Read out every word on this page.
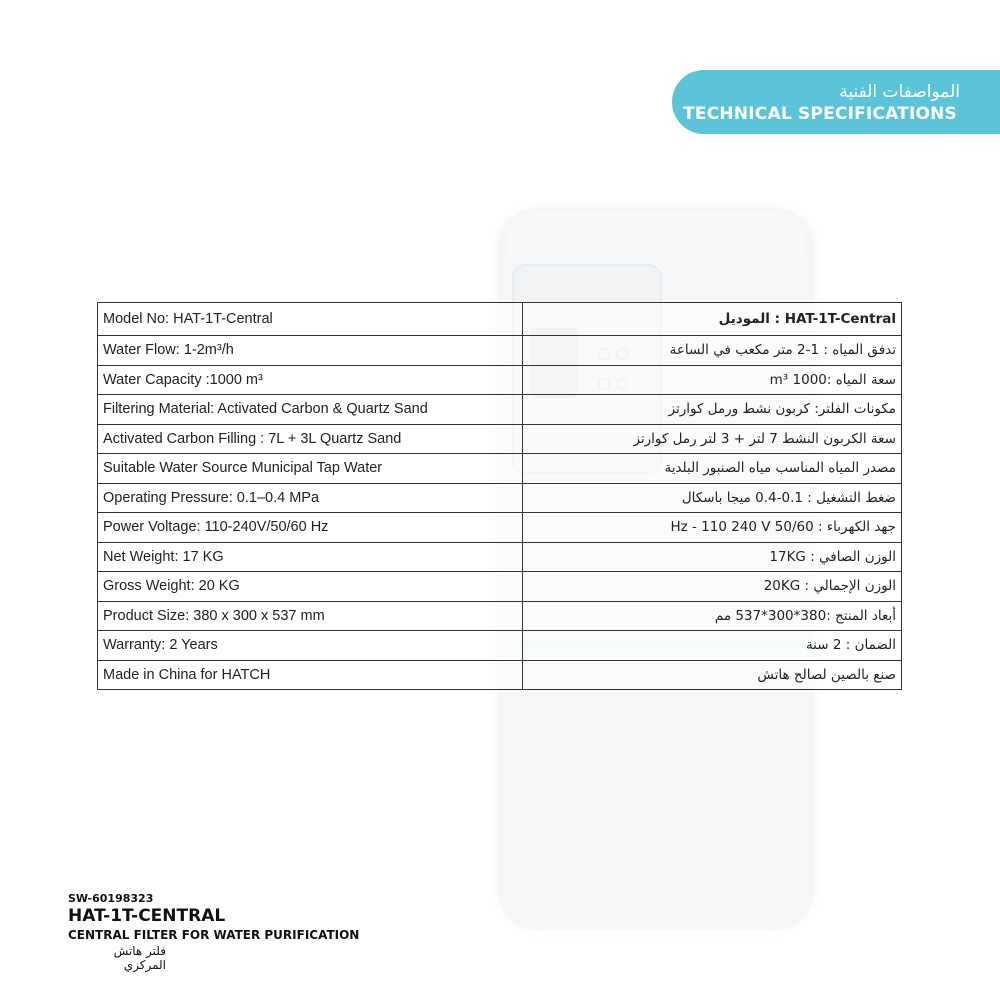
المواصفات الفنية
TECHNICAL SPECIFICATIONS
Model No: HAT-1T-Central	HAT-1T-Central : الموديل
Water Flow: 1-2m³/h	تدفق المياه : 1-2 متر مكعب في الساعة
Water Capacity :1000 m³	سعة المياه :1000 m³
Filtering Material: Activated Carbon & Quartz Sand	مكونات الفلتر: كربون نشط ورمل كوارتز
Activated Carbon Filling : 7L + 3L Quartz Sand	سعة الكربون النشط 7 لتر + 3 لتر رمل كوارتز
Suitable Water Source Municipal Tap Water	مصدر المياه المناسب مياه الصنبور البلدية
Operating Pressure: 0.1–0.4 MPa	ضغط التشغيل : 0.1-0.4 ميجا باسكال
Power Voltage: 110-240V/50/60 Hz	جهد الكهرباء : 50/60 Hz - 110 240 V
Net Weight: 17 KG	الوزن الصافي : 17KG
Gross Weight: 20 KG	الوزن الإجمالي : 20KG
Product Size: 380 x 300 x 537 mm	أبعاد المنتج :380*300*537 مم
Warranty: 2 Years	الضمان : 2 سنة
Made in China for HATCH	صنع بالصين لصالح هاتش
SW-60198323
HAT-1T-CENTRAL
CENTRAL FILTER FOR WATER PURIFICATION
فلتر هاتش المركزي
